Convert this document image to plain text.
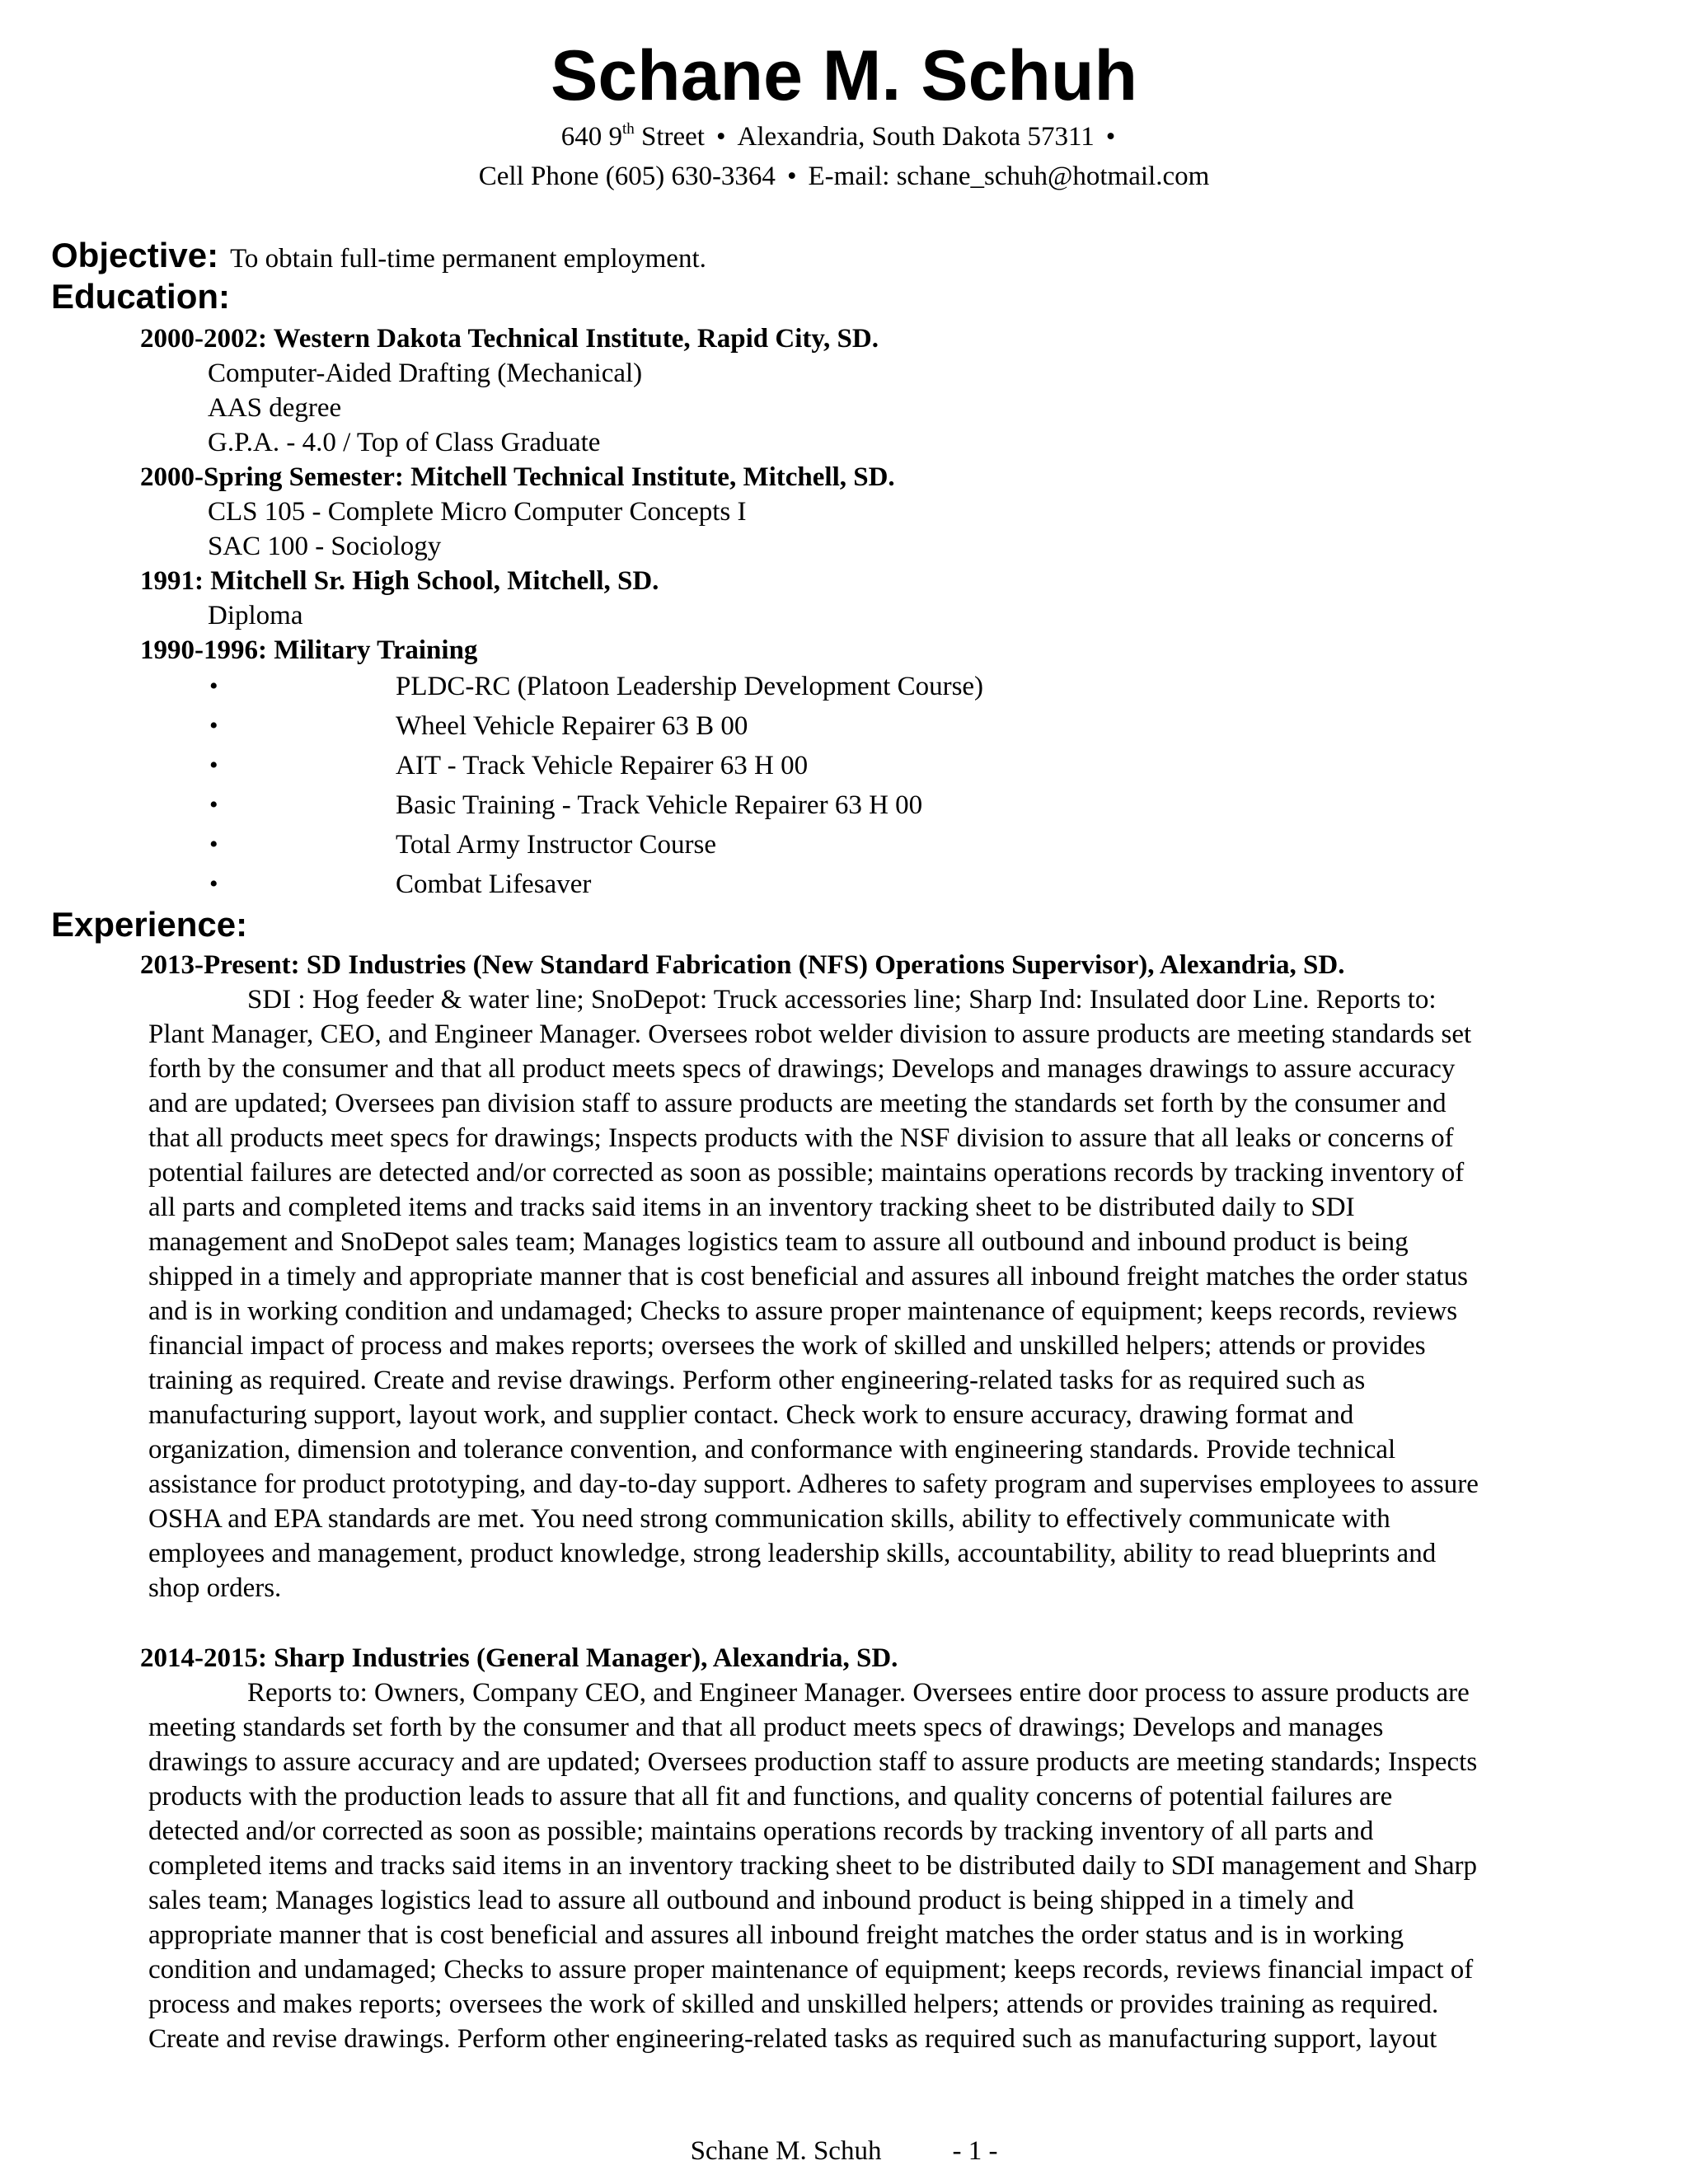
Schane M. Schuh
640 9th Street • Alexandria, South Dakota 57311 •
Cell Phone (605) 630-3364 • E-mail: schane_schuh@hotmail.com
Objective: To obtain full-time permanent employment.
Education:
2000-2002: Western Dakota Technical Institute, Rapid City, SD.
Computer-Aided Drafting (Mechanical)
AAS degree
G.P.A. - 4.0 / Top of Class Graduate
2000-Spring Semester: Mitchell Technical Institute, Mitchell, SD.
CLS 105 - Complete Micro Computer Concepts I
SAC 100 - Sociology
1991: Mitchell Sr. High School, Mitchell, SD.
Diploma
1990-1996: Military Training
•	PLDC-RC (Platoon Leadership Development Course)
•	Wheel Vehicle Repairer 63 B 00
•	AIT - Track Vehicle Repairer 63 H 00
•	Basic Training - Track Vehicle Repairer 63 H 00
•	Total Army Instructor Course
•	Combat Lifesaver
Experience:
2013-Present: SD Industries (New Standard Fabrication (NFS) Operations Supervisor), Alexandria, SD.
SDI : Hog feeder & water line; SnoDepot: Truck accessories line; Sharp Ind: Insulated door Line. Reports to:
Plant Manager, CEO, and Engineer Manager. Oversees robot welder division to assure products are meeting standards set
forth by the consumer and that all product meets specs of drawings; Develops and manages drawings to assure accuracy
and are updated; Oversees pan division staff to assure products are meeting the standards set forth by the consumer and
that all products meet specs for drawings; Inspects products with the NSF division to assure that all leaks or concerns of
potential failures are detected and/or corrected as soon as possible; maintains operations records by tracking inventory of
all parts and completed items and tracks said items in an inventory tracking sheet to be distributed daily to SDI
management and SnoDepot sales team; Manages logistics team to assure all outbound and inbound product is being
shipped in a timely and appropriate manner that is cost beneficial and assures all inbound freight matches the order status
and is in working condition and undamaged; Checks to assure proper maintenance of equipment; keeps records, reviews
financial impact of process and makes reports; oversees the work of skilled and unskilled helpers; attends or provides
training as required. Create and revise drawings. Perform other engineering-related tasks for as required such as
manufacturing support, layout work, and supplier contact. Check work to ensure accuracy, drawing format and
organization, dimension and tolerance convention, and conformance with engineering standards. Provide technical
assistance for product prototyping, and day-to-day support. Adheres to safety program and supervises employees to assure
OSHA and EPA standards are met. You need strong communication skills, ability to effectively communicate with
employees and management, product knowledge, strong leadership skills, accountability, ability to read blueprints and
shop orders.
2014-2015: Sharp Industries (General Manager), Alexandria, SD.
Reports to: Owners, Company CEO, and Engineer Manager. Oversees entire door process to assure products are
meeting standards set forth by the consumer and that all product meets specs of drawings; Develops and manages
drawings to assure accuracy and are updated; Oversees production staff to assure products are meeting standards; Inspects
products with the production leads to assure that all fit and functions, and quality concerns of potential failures are
detected and/or corrected as soon as possible; maintains operations records by tracking inventory of all parts and
completed items and tracks said items in an inventory tracking sheet to be distributed daily to SDI management and Sharp
sales team; Manages logistics lead to assure all outbound and inbound product is being shipped in a timely and
appropriate manner that is cost beneficial and assures all inbound freight matches the order status and is in working
condition and undamaged; Checks to assure proper maintenance of equipment; keeps records, reviews financial impact of
process and makes reports; oversees the work of skilled and unskilled helpers; attends or provides training as required.
Create and revise drawings. Perform other engineering-related tasks as required such as manufacturing support, layout
Schane M. Schuh	- 1 -
